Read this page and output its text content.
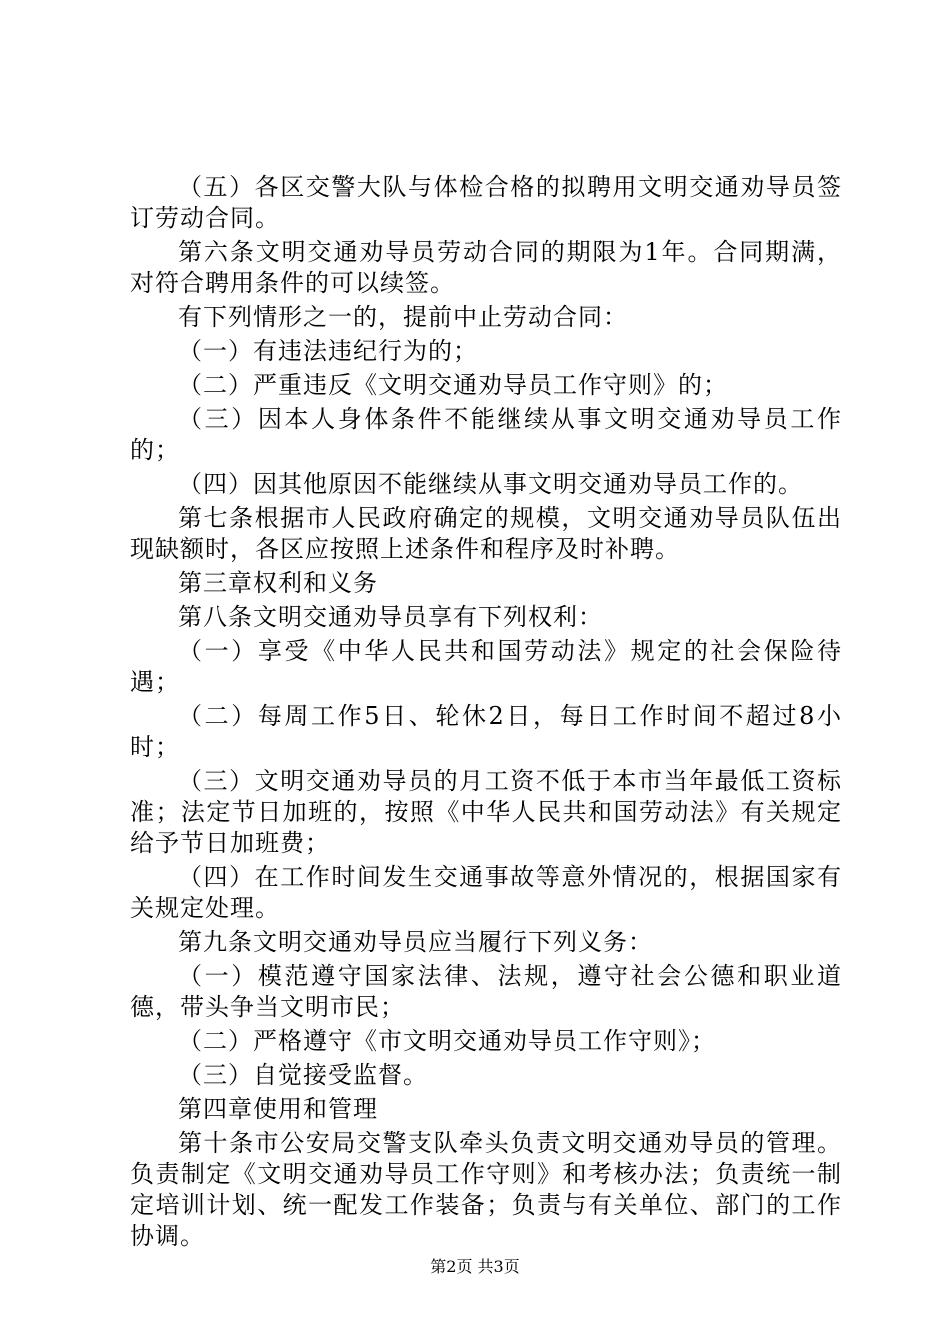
（五）各区交警大队与体检合格的拟聘用文明交通劝导员签订劳动合同。

第六条文明交通劝导员劳动合同的期限为1年。合同期满，对符合聘用条件的可以续签。

有下列情形之一的，提前中止劳动合同：

（一）有违法违纪行为的；

（二）严重违反《文明交通劝导员工作守则》的；

（三）因本人身体条件不能继续从事文明交通劝导员工作的；

（四）因其他原因不能继续从事文明交通劝导员工作的。

第七条根据市人民政府确定的规模，文明交通劝导员队伍出现缺额时，各区应按照上述条件和程序及时补聘。

第三章权利和义务

第八条文明交通劝导员享有下列权利：

（一）享受《中华人民共和国劳动法》规定的社会保险待遇；

（二）每周工作5日、轮休2日，每日工作时间不超过8小时；

（三）文明交通劝导员的月工资不低于本市当年最低工资标准；法定节日加班的，按照《中华人民共和国劳动法》有关规定给予节日加班费；

（四）在工作时间发生交通事故等意外情况的，根据国家有关规定处理。

第九条文明交通劝导员应当履行下列义务：

（一）模范遵守国家法律、法规，遵守社会公德和职业道德，带头争当文明市民；

（二）严格遵守《市文明交通劝导员工作守则》；

（三）自觉接受监督。

第四章使用和管理

第十条市公安局交警支队牵头负责文明交通劝导员的管理。负责制定《文明交通劝导员工作守则》和考核办法；负责统一制定培训计划、统一配发工作装备；负责与有关单位、部门的工作协调。

第2页 共3页
